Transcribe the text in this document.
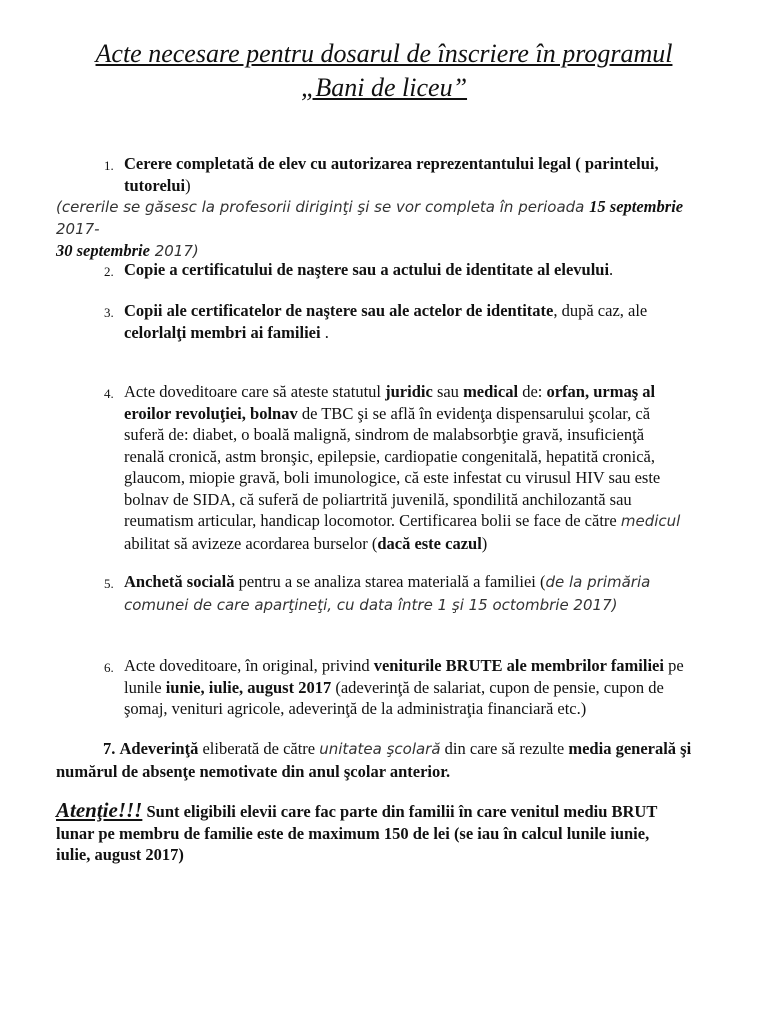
Acte necesare pentru dosarul de înscriere în programul
„Bani de liceu”
1. Cerere completată de elev cu autorizarea reprezentantului legal ( parintelui,
tutorelui)
(cererile se găsesc la profesorii diriginţi şi se vor completa în perioada 15 septembrie 2017-
30 septembrie 2017)
2. Copie a certificatului de naştere sau a actului de identitate al elevului.
3. Copii ale certificatelor de naştere sau ale actelor de identitate, după caz, ale
celorlalţi membri ai familiei .
4. Acte doveditoare care să ateste statutul juridic sau medical de: orfan, urmaş al
eroilor revoluţiei, bolnav de TBC şi se află în evidenţa dispensarului şcolar, că
suferă de: diabet, o boală malignă, sindrom de malabsorbţie gravă, insuficienţă
renală cronică, astm bronşic, epilepsie, cardiopatie congenitală, hepatită cronică,
glaucom, miopie gravă, boli imunologice, că este infestat cu virusul HIV sau este
bolnav de SIDA, că suferă de poliartrită juvenilă, spondilită anchilozantă sau
reumatism articular, handicap locomotor. Certificarea bolii se face de către medicul
abilitat să avizeze acordarea burselor (dacă este cazul)
5. Anchetă socială pentru a se analiza starea materială a familiei (de la primăria
comunei de care aparţineţi, cu data între 1 şi 15 octombrie 2017)
6. Acte doveditoare, în original, privind veniturile BRUTE ale membrilor familiei pe
lunile iunie, iulie, august 2017 (adeverinţă de salariat, cupon de pensie, cupon de
şomaj, venituri agricole, adeverinţă de la administraţia financiară etc.)
7. Adeverinţă eliberată de către unitatea şcolară din care să rezulte media generală şi
numărul de absenţe nemotivate din anul şcolar anterior.
Atenţie!!! Sunt eligibili elevii care fac parte din familii în care venitul mediu BRUT
lunar pe membru de familie este de maximum 150 de lei (se iau în calcul lunile iunie,
iulie, august 2017)
